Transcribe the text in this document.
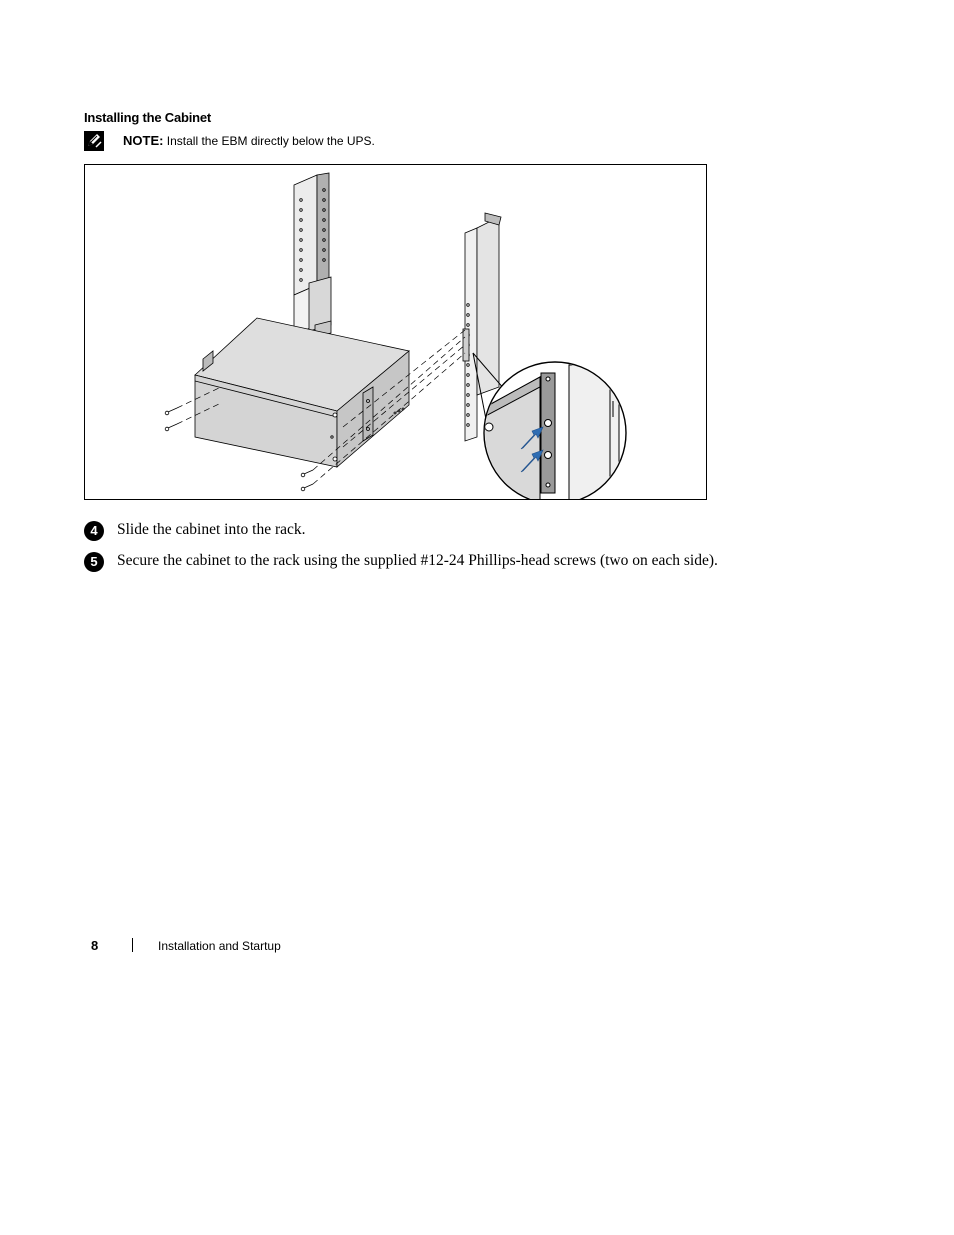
Installing the Cabinet
NOTE: Install the EBM directly below the UPS.
4	Slide the cabinet into the rack.
5	Secure the cabinet to the rack using the supplied #12-24 Phillips-head screws (two on each side).
8	Installation and Startup
